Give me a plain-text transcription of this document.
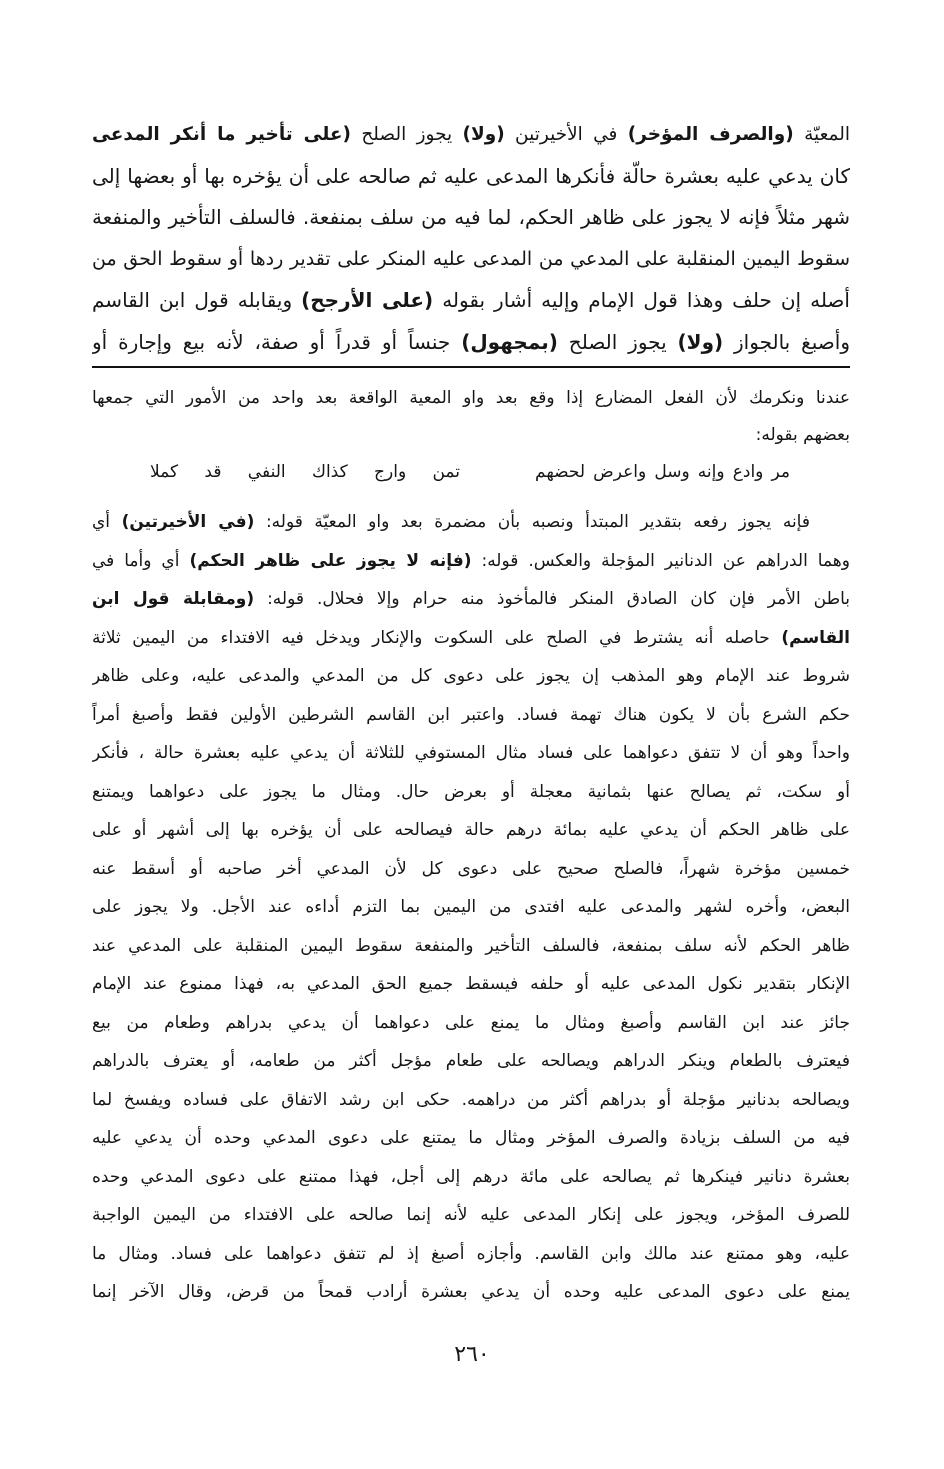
المعيّة (والصرف المؤخر) في الأخيرتين (ولا) يجوز الصلح (على تأخير ما أنكر المدعى
كان يدعي عليه بعشرة حالّة فأنكرها المدعى عليه ثم صالحه على أن يؤخره بها أو بعضها إلى
شهر مثلاً فإنه لا يجوز على ظاهر الحكم، لما فيه من سلف بمنفعة. فالسلف التأخير والمنفعة
سقوط اليمين المنقلبة على المدعي من المدعى عليه المنكر على تقدير ردها أو سقوط الحق من
أصله إن حلف وهذا قول الإمام وإليه أشار بقوله (على الأرجح) ويقابله قول ابن القاسم
وأصبغ بالجواز (ولا) يجوز الصلح (بمجهول) جنساً أو قدراً أو صفة، لأنه بيع وإجارة أو
عندنا ونكرمك لأن الفعل المضارع إذا وقع بعد واو المعية الواقعة بعد واحد من الأمور التي جمعها
بعضهم بقوله:
مر وادع وإنه وسل واعرض لحضهم
تمن وارج كذاك النفي قد كملا
فإنه يجوز رفعه بتقدير المبتدأ ونصبه بأن مضمرة بعد واو المعيّة قوله: (في الأخيرتين) أي
وهما الدراهم عن الدنانير المؤجلة والعكس. قوله: (فإنه لا يجوز على ظاهر الحكم) أي وأما في
باطن الأمر فإن كان الصادق المنكر فالمأخوذ منه حرام وإلا فحلال. قوله: (ومقابلة قول ابن
القاسم) حاصله أنه يشترط في الصلح على السكوت والإنكار ويدخل فيه الافتداء من اليمين ثلاثة
شروط عند الإمام وهو المذهب إن يجوز على دعوى كل من المدعي والمدعى عليه، وعلى ظاهر
حكم الشرع بأن لا يكون هناك تهمة فساد. واعتبر ابن القاسم الشرطين الأولين فقط وأصبغ أمراً
واحداً وهو أن لا تتفق دعواهما على فساد مثال المستوفي للثلاثة أن يدعي عليه بعشرة حالة ، فأنكر
أو سكت، ثم يصالح عنها بثمانية معجلة أو بعرض حال. ومثال ما يجوز على دعواهما ويمتنع
على ظاهر الحكم أن يدعي عليه بمائة درهم حالة فيصالحه على أن يؤخره بها إلى أشهر أو على
خمسين مؤخرة شهراً، فالصلح صحيح على دعوى كل لأن المدعي أخر صاحبه أو أسقط عنه
البعض، وأخره لشهر والمدعى عليه افتدى من اليمين بما التزم أداءه عند الأجل. ولا يجوز على
ظاهر الحكم لأنه سلف بمنفعة، فالسلف التأخير والمنفعة سقوط اليمين المنقلبة على المدعي عند
الإنكار بتقدير نكول المدعى عليه أو حلفه فيسقط جميع الحق المدعي به، فهذا ممنوع عند الإمام
جائز عند ابن القاسم وأصبغ ومثال ما يمنع على دعواهما أن يدعي بدراهم وطعام من بيع
فيعترف بالطعام وينكر الدراهم ويصالحه على طعام مؤجل أكثر من طعامه، أو يعترف بالدراهم
ويصالحه بدنانير مؤجلة أو بدراهم أكثر من دراهمه. حكى ابن رشد الاتفاق على فساده ويفسخ لما
فيه من السلف بزيادة والصرف المؤخر ومثال ما يمتنع على دعوى المدعي وحده أن يدعي عليه
بعشرة دنانير فينكرها ثم يصالحه على مائة درهم إلى أجل، فهذا ممتنع على دعوى المدعي وحده
للصرف المؤخر، ويجوز على إنكار المدعى عليه لأنه إنما صالحه على الافتداء من اليمين الواجبة
عليه، وهو ممتنع عند مالك وابن القاسم. وأجازه أصبغ إذ لم تتفق دعواهما على فساد. ومثال ما
يمنع على دعوى المدعى عليه وحده أن يدعي بعشرة أرادب قمحاً من قرض، وقال الآخر إنما
٢٦٠
